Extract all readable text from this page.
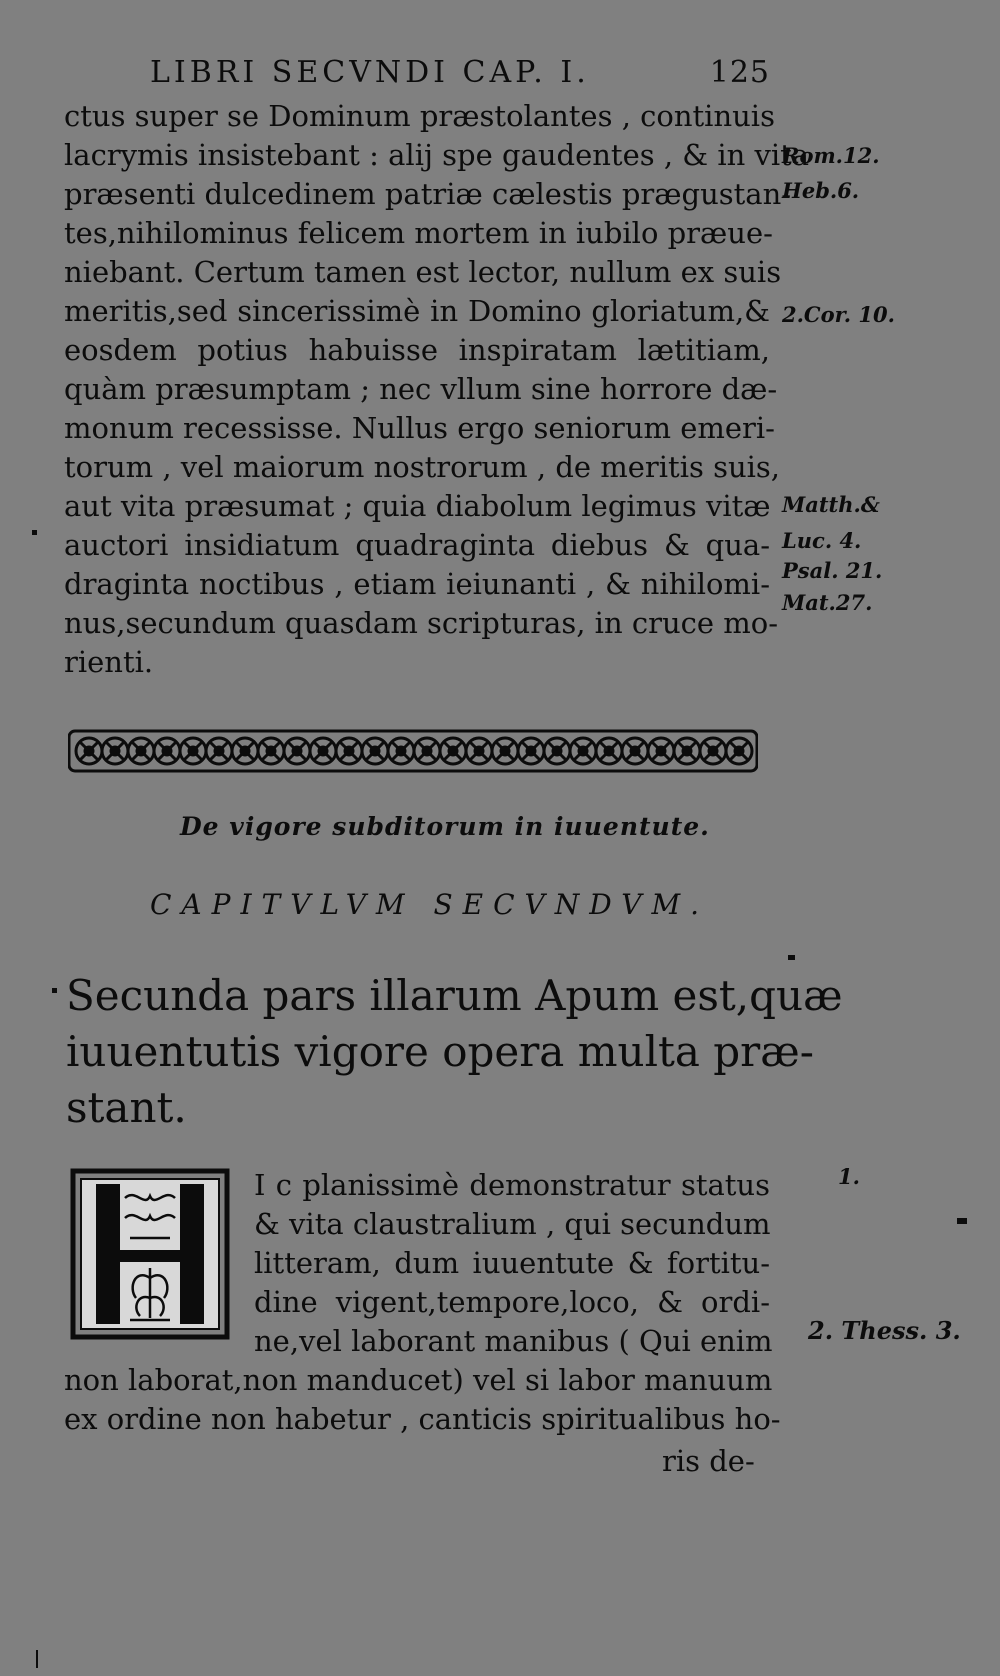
LIBRI SECVNDI CAP. I.	125
ctus super se Dominum præstolantes , continuis
lacrymis insistebant : alij spe gaudentes , & in vita
præsenti dulcedinem patriæ cælestis prægustan-
tes,nihilominus felicem mortem in iubilo præue-
niebant. Certum tamen est lector, nullum ex suis
meritis,sed sincerissimè in Domino gloriatum,&
eosdem potius habuisse inspiratam lætitiam,
quàm præsumptam ; nec vllum sine horrore dæ-
monum recessisse. Nullus ergo seniorum emeri-
torum , vel maiorum nostrorum , de meritis suis,
aut vita præsumat ; quia diabolum legimus vitæ
auctori insidiatum quadraginta diebus & qua-
draginta noctibus , etiam ieiunanti , & nihilomi-
nus,secundum quasdam scripturas, in cruce mo-
rienti.
Rom.12.
Heb.6.
2.Cor. 10.
Matth.&
Luc. 4.
Psal. 21.
Mat.27.
De vigore subditorum in iuuentute.
CAPITVLVM SECVNDVM.
Secunda pars illarum Apum est,quæ
iuuentutis vigore opera multa præ-
stant.
I c planissimè demonstratur status
& vita claustralium , qui secundum
litteram, dum iuuentute & fortitu-
dine vigent,tempore,loco, & ordi-
ne,vel laborant manibus ( Qui enim
non laborat,non manducet) vel si labor manuum
ex ordine non habetur , canticis spiritualibus ho-
ris de-
1.
2. Thess. 3.
